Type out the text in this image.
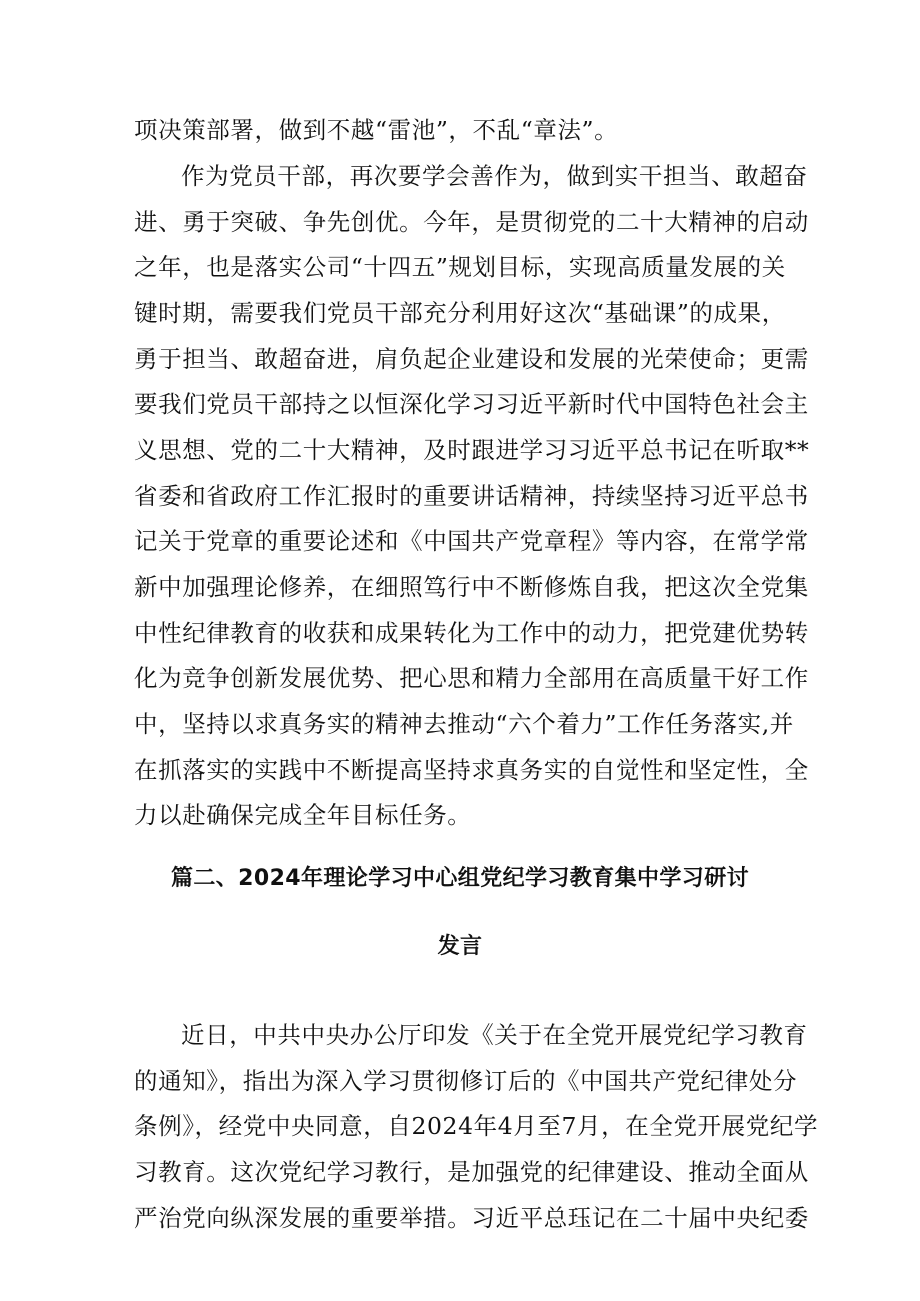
项决策部署，做到不越“雷池”，不乱“章法”。
作为党员干部，再次要学会善作为，做到实干担当、敢超奋
进、勇于突破、争先创优。今年，是贯彻党的二十大精神的启动
之年，也是落实公司“十四五”规划目标，实现高质量发展的关
键时期，需要我们党员干部充分利用好这次“基础课”的成果，
勇于担当、敢超奋进，肩负起企业建设和发展的光荣使命；更需
要我们党员干部持之以恒深化学习习近平新时代中国特色社会主
义思想、党的二十大精神，及时跟进学习习近平总书记在听取**
省委和省政府工作汇报时的重要讲话精神，持续坚持习近平总书
记关于党章的重要论述和《中国共产党章程》等内容，在常学常
新中加强理论修养，在细照笃行中不断修炼自我，把这次全党集
中性纪律教育的收获和成果转化为工作中的动力，把党建优势转
化为竞争创新发展优势、把心思和精力全部用在高质量干好工作
中，坚持以求真务实的精神去推动“六个着力”工作任务落实,并
在抓落实的实践中不断提高坚持求真务实的自觉性和坚定性，全
力以赴确保完成全年目标任务。
篇二、2024年理论学习中心组党纪学习教育集中学习研讨
发言
近日，中共中央办公厅印发《关于在全党开展党纪学习教育
的通知》，指出为深入学习贯彻修订后的《中国共产党纪律处分
条例》，经党中央同意，自2024年4月至7月，在全党开展党纪学
习教育。这次党纪学习教行，是加强党的纪律建设、推动全面从
严治党向纵深发展的重要举措。习近平总珏记在二十届中央纪委
